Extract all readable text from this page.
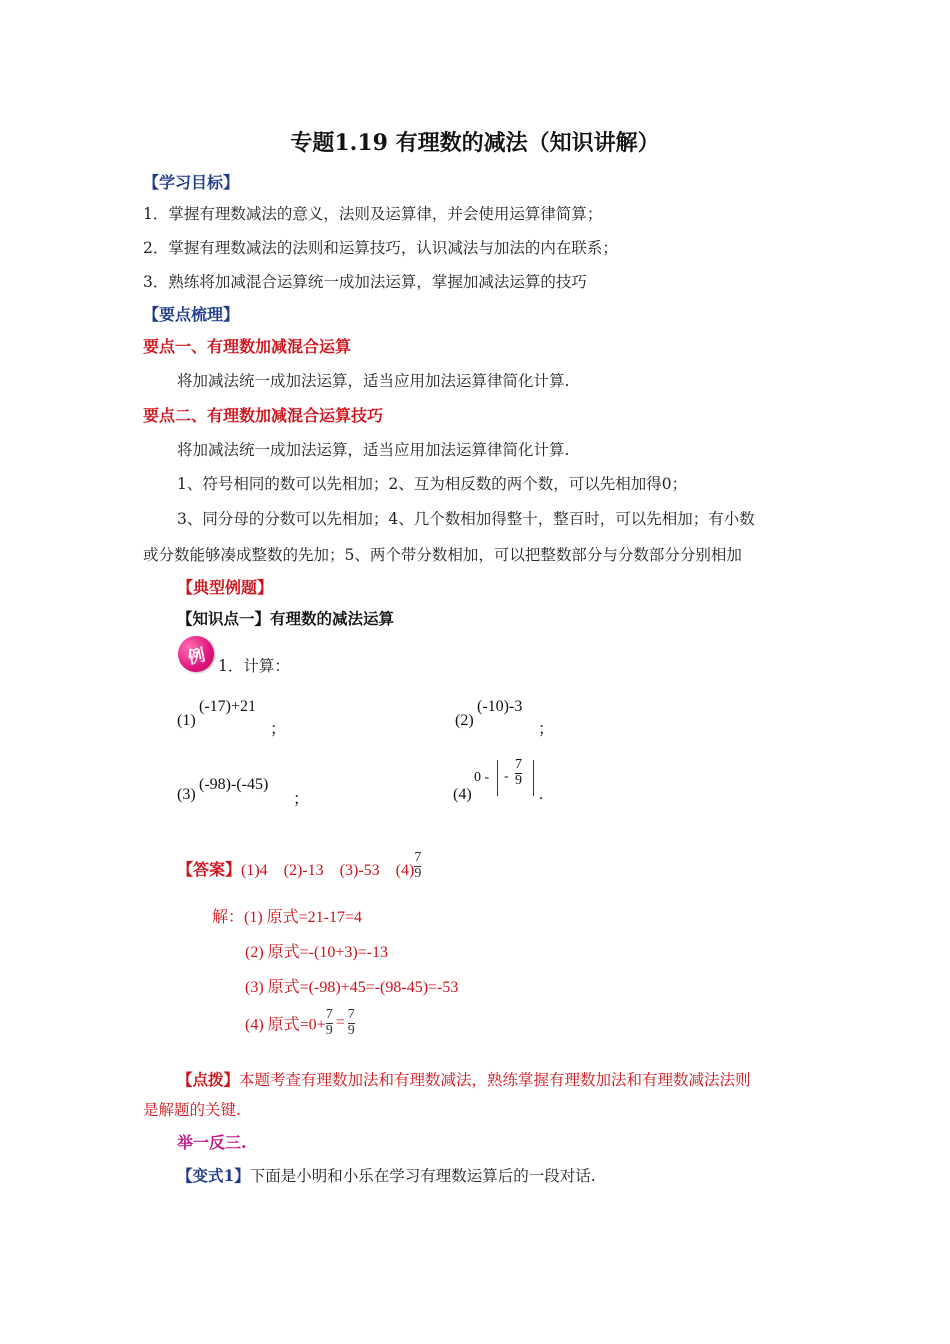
专题1.19 有理数的减法（知识讲解）
【学习目标】
1．掌握有理数减法的意义，法则及运算律，并会使用运算律简算；
2．掌握有理数减法的法则和运算技巧，认识减法与加法的内在联系；
3．熟练将加减混合运算统一成加法运算，掌握加减法运算的技巧
【要点梳理】
要点一、有理数加减混合运算
将加减法统一成加法运算，适当应用加法运算律简化计算.
要点二、有理数加减混合运算技巧
将加减法统一成加法运算，适当应用加法运算律简化计算.
1、符号相同的数可以先相加；2、互为相反数的两个数，可以先相加得0；
3、同分母的分数可以先相加；4、几个数相加得整十，整百时，可以先相加；有小数
或分数能够凑成整数的先加；5、两个带分数相加，可以把整数部分与分数部分分别相加
【典型例题】
【知识点一】有理数的减法运算
例 1．计算：
(1)
(-17)+21
；
(2)
(-10)-3
；
(3)
(-98)-(-45)
；	(4)
0 - -
7
9
.
【答案】(1)4　(2)-13　(3)-53　$(4) \frac{7}{9}$
解：(1) 原式=21-17=4
(2) 原式=-(10+3)=-13
(3) 原式=(-98)+45=-(98-45)=-53
(4) 原式$=0+ \frac{7}{9} = \frac{7}{9}$
【点拨】本题考查有理数加法和有理数减法，熟练掌握有理数加法和有理数减法法则
是解题的关键.
举一反三.
【变式1】下面是小明和小乐在学习有理数运算后的一段对话.
